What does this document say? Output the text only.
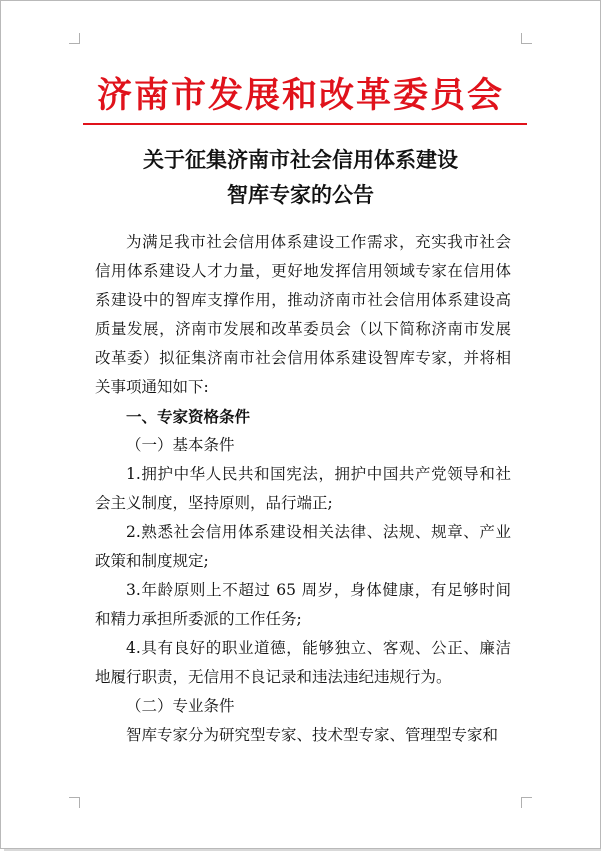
济南市发展和改革委员会
关于征集济南市社会信用体系建设
智库专家的公告

为满足我市社会信用体系建设工作需求，充实我市社会信用体系建设人才力量，更好地发挥信用领域专家在信用体系建设中的智库支撑作用，推动济南市社会信用体系建设高质量发展，济南市发展和改革委员会（以下简称济南市发展改革委）拟征集济南市社会信用体系建设智库专家，并将相关事项通知如下:

一、专家资格条件

（一）基本条件

1.拥护中华人民共和国宪法，拥护中国共产党领导和社会主义制度，坚持原则，品行端正;

2.熟悉社会信用体系建设相关法律、法规、规章、产业政策和制度规定;

3.年龄原则上不超过 65 周岁，身体健康，有足够时间和精力承担所委派的工作任务;

4.具有良好的职业道德，能够独立、客观、公正、廉洁地履行职责，无信用不良记录和违法违纪违规行为。

（二）专业条件

智库专家分为研究型专家、技术型专家、管理型专家和
